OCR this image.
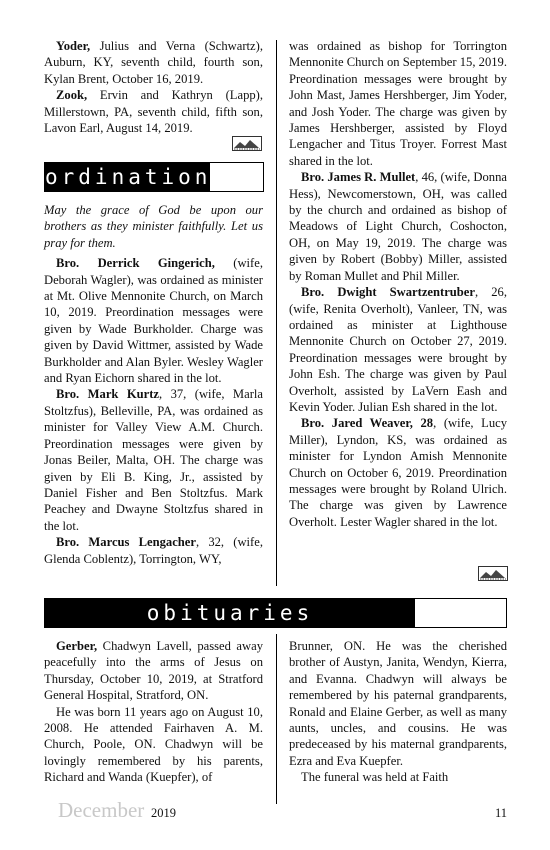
Yoder, Julius and Verna (Schwartz), Auburn, KY, seventh child, fourth son, Kylan Brent, October 16, 2019.

Zook, Ervin and Kathryn (Lapp), Millerstown, PA, seventh child, fifth son, Lavon Earl, August 14, 2019.

ordinations

May the grace of God be upon our brothers as they minister faithfully. Let us pray for them.

Bro. Derrick Gingerich, (wife, Deborah Wagler), was ordained as minister at Mt. Olive Mennonite Church, on March 10, 2019. Preordination messages were given by Wade Burkholder. Charge was given by David Wittmer, assisted by Wade Burkholder and Alan Byler. Wesley Wagler and Ryan Eichorn shared in the lot.

Bro. Mark Kurtz, 37, (wife, Marla Stoltzfus), Belleville, PA, was ordained as minister for Valley View A.M. Church. Preordination messages were given by Jonas Beiler, Malta, OH. The charge was given by Eli B. King, Jr., assisted by Daniel Fisher and Ben Stoltzfus. Mark Peachey and Dwayne Stoltzfus shared in the lot.

Bro. Marcus Lengacher, 32, (wife, Glenda Coblentz), Torrington, WY,

was ordained as bishop for Torrington Mennonite Church on September 15, 2019. Preordination messages were brought by John Mast, James Hershberger, Jim Yoder, and Josh Yoder. The charge was given by James Hershberger, assisted by Floyd Lengacher and Titus Troyer. Forrest Mast shared in the lot.

Bro. James R. Mullet, 46, (wife, Donna Hess), Newcomerstown, OH, was called by the church and ordained as bishop of Meadows of Light Church, Coshocton, OH, on May 19, 2019. The charge was given by Robert (Bobby) Miller, assisted by Roman Mullet and Phil Miller.

Bro. Dwight Swartzentruber, 26, (wife, Renita Overholt), Vanleer, TN, was ordained as minister at Lighthouse Mennonite Church on October 27, 2019. Preordination messages were brought by John Esh. The charge was given by Paul Overholt, assisted by LaVern Eash and Kevin Yoder. Julian Esh shared in the lot.

Bro. Jared Weaver, 28, (wife, Lucy Miller), Lyndon, KS, was ordained as minister for Lyndon Amish Mennonite Church on October 6, 2019. Preordination messages were brought by Roland Ulrich. The charge was given by Lawrence Overholt. Lester Wagler shared in the lot.

obituaries

Gerber, Chadwyn Lavell, passed away peacefully into the arms of Jesus on Thursday, October 10, 2019, at Stratford General Hospital, Stratford, ON.

He was born 11 years ago on August 10, 2008. He attended Fairhaven A. M. Church, Poole, ON. Chadwyn will be lovingly remembered by his parents, Richard and Wanda (Kuepfer), of

Brunner, ON. He was the cherished brother of Austyn, Janita, Wendyn, Kierra, and Evanna. Chadwyn will always be remembered by his paternal grandparents, Ronald and Elaine Gerber, as well as many aunts, uncles, and cousins. He was predeceased by his maternal grandparents, Ezra and Eva Kuepfer.

The funeral was held at Faith

December 2019	11
